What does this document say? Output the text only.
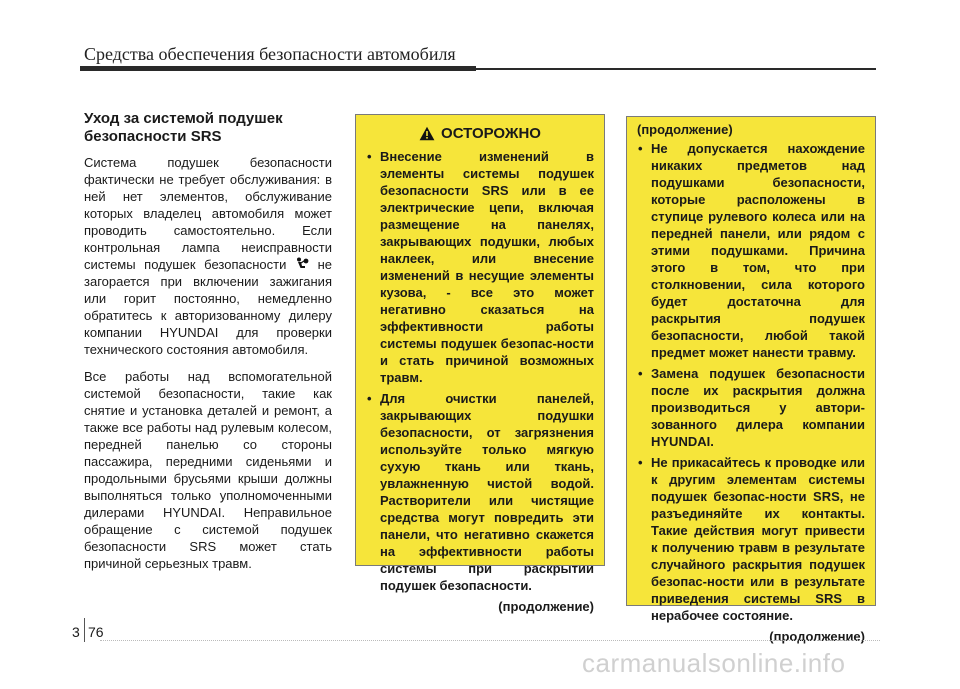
Средства обеспечения безопасности автомобиля
Уход за системой подушек безопасности SRS

Система подушек безопасности фактически не требует обслуживания: в ней нет элементов, обслуживание которых владелец автомобиля может проводить самостоятельно. Если контрольная лампа неисправности системы подушек безопасности не загорается при включении зажигания или горит постоянно, немедленно обратитесь к авторизованному дилеру компании HYUNDAI для проверки технического состояния автомобиля.

Все работы над вспомогательной системой безопасности, такие как снятие и установка деталей и ремонт, а также все работы над рулевым колесом, передней панелью со стороны пассажира, передними сиденьями и продольными брусьями крыши должны выполняться только уполномоченными дилерами HYUNDAI. Неправильное обращение с системой подушек безопасности SRS может стать причиной серьезных травм.

ОСТОРОЖНО
• Внесение изменений в элементы системы подушек безопасности SRS или в ее электрические цепи, включая размещение на панелях, закрывающих подушки, любых наклеек, или внесение изменений в несущие элементы кузова, - все это может негативно сказаться на эффективности работы системы подушек безопас-ности и стать причиной возможных травм.
• Для очистки панелей, закрывающих подушки безопасности, от загрязнения используйте только мягкую сухую ткань или ткань, увлажненную чистой водой. Растворители или чистящие средства могут повредить эти панели, что негативно скажется на эффективности работы системы при раскрытии подушек безопасности.
(продолжение)
(продолжение)
• Не допускается нахождение никаких предметов над подушками безопасности, которые расположены в ступице рулевого колеса или на передней панели, или рядом с этими подушками. Причина этого в том, что при столкновении, сила которого будет достаточна для раскрытия подушек безопасности, любой такой предмет может нанести травму.
• Замена подушек безопасности после их раскрытия должна производиться у автори-зованного дилера компании HYUNDAI.
• Не прикасайтесь к проводке или к другим элементам системы подушек безопас-ности SRS, не разъединяйте их контакты. Такие действия могут привести к получению травм в результате случайного раскрытия подушек безопас-ности или в результате приведения системы SRS в нерабочее состояние.
(продолжение)
3 76
carmanualsonline.info
